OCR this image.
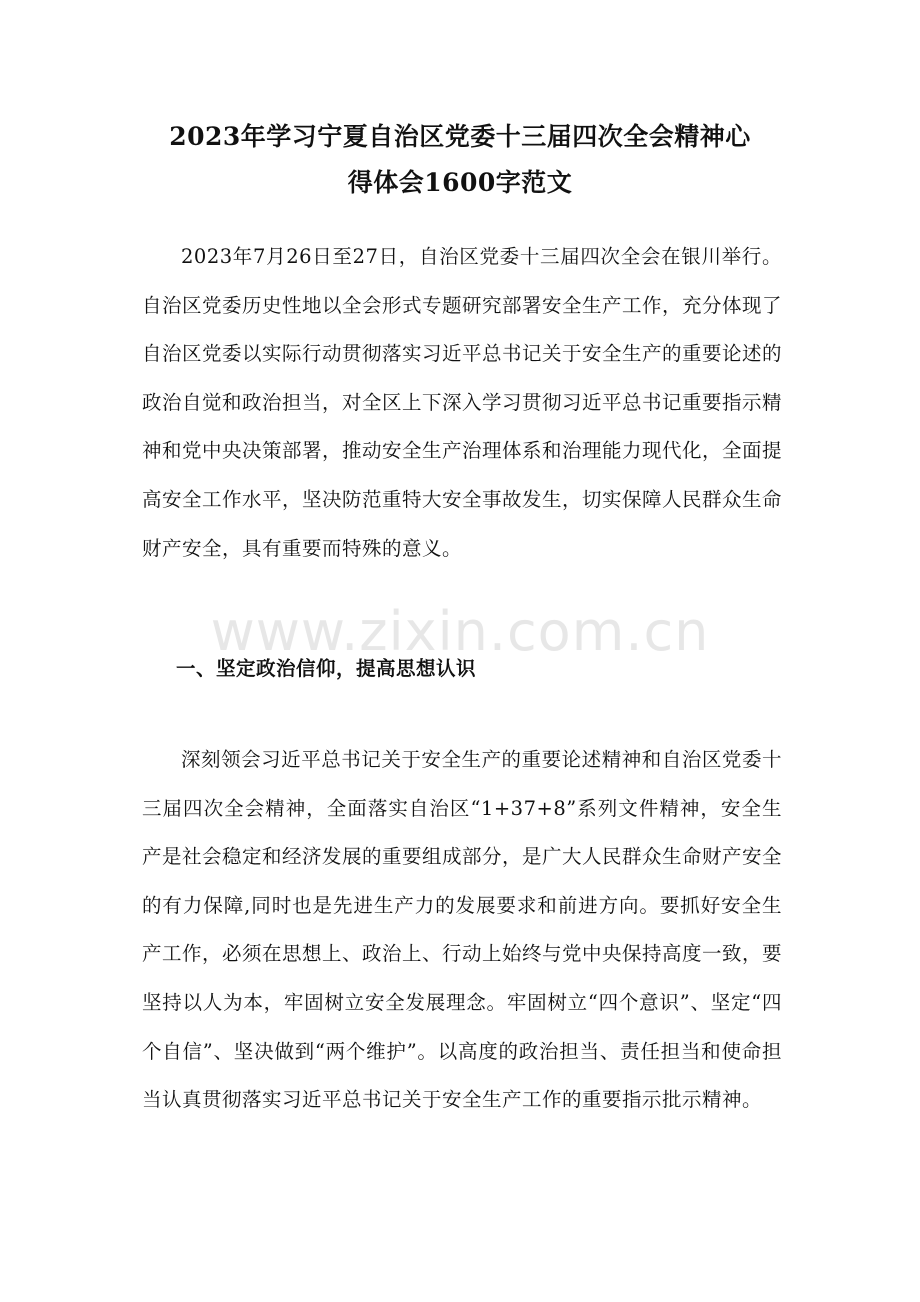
2023年学习宁夏自治区党委十三届四次全会精神心
得体会1600字范文

2023年7月26日至27日，自治区党委十三届四次全会在银川举行。自治区党委历史性地以全会形式专题研究部署安全生产工作，充分体现了自治区党委以实际行动贯彻落实习近平总书记关于安全生产的重要论述的政治自觉和政治担当，对全区上下深入学习贯彻习近平总书记重要指示精神和党中央决策部署，推动安全生产治理体系和治理能力现代化，全面提高安全工作水平，坚决防范重特大安全事故发生，切实保障人民群众生命财产安全，具有重要而特殊的意义。

www.zixin.com.cn
一、坚定政治信仰，提高思想认识

深刻领会习近平总书记关于安全生产的重要论述精神和自治区党委十三届四次全会精神，全面落实自治区“1+37+8”系列文件精神，安全生产是社会稳定和经济发展的重要组成部分，是广大人民群众生命财产安全的有力保障,同时也是先进生产力的发展要求和前进方向。要抓好安全生产工作，必须在思想上、政治上、行动上始终与党中央保持高度一致，要坚持以人为本，牢固树立安全发展理念。牢固树立“四个意识”、坚定“四个自信”、坚决做到“两个维护”。以高度的政治担当、责任担当和使命担当认真贯彻落实习近平总书记关于安全生产工作的重要指示批示精神。
